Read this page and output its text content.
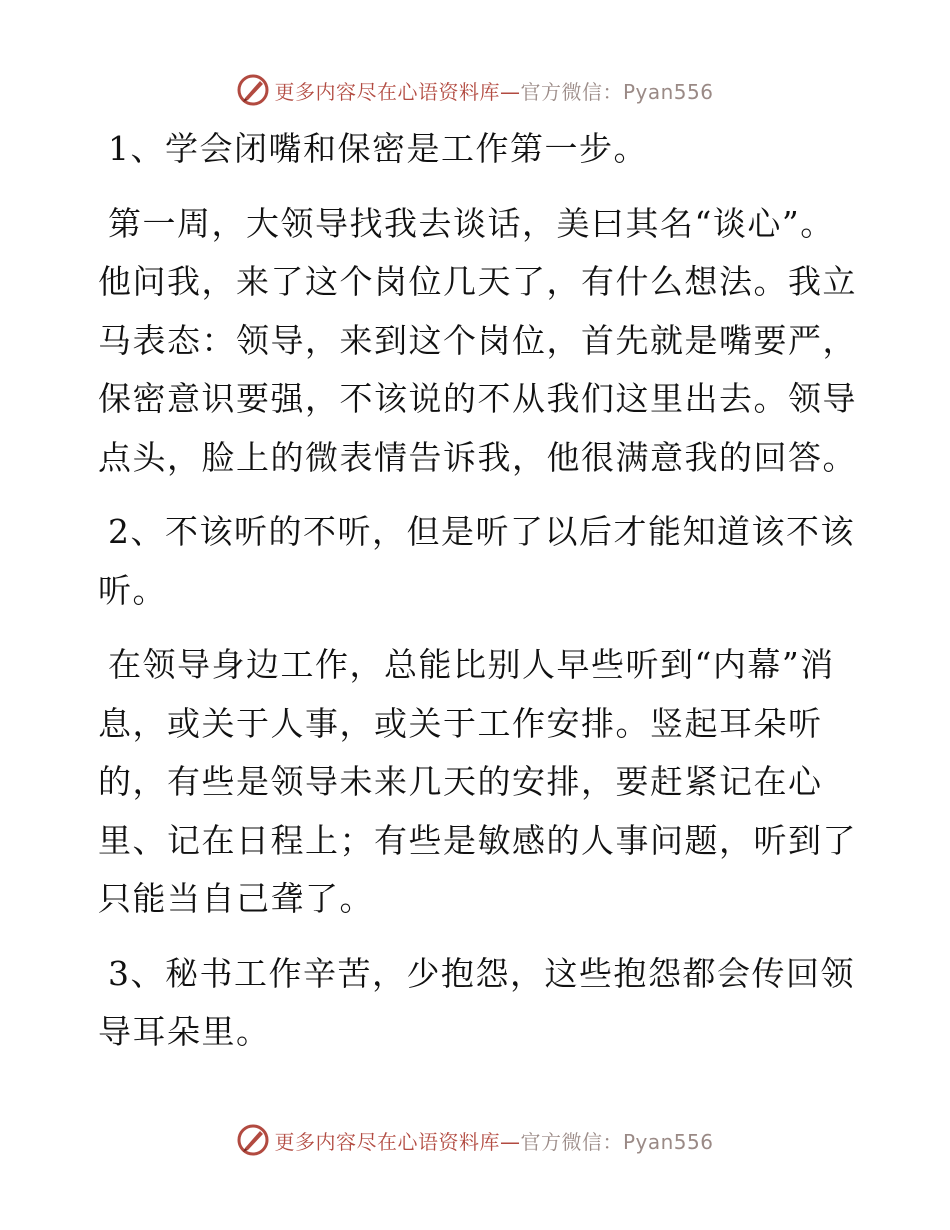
更多内容尽在心语资料库—官方微信：Pyan556

1、学会闭嘴和保密是工作第一步。

第一周，大领导找我去谈话，美曰其名“谈心”。他问我，来了这个岗位几天了，有什么想法。我立马表态：领导，来到这个岗位，首先就是嘴要严，保密意识要强，不该说的不从我们这里出去。领导点头，脸上的微表情告诉我，他很满意我的回答。

2、不该听的不听，但是听了以后才能知道该不该听。

在领导身边工作，总能比别人早些听到“内幕”消息，或关于人事，或关于工作安排。竖起耳朵听的，有些是领导未来几天的安排，要赶紧记在心里、记在日程上；有些是敏感的人事问题，听到了只能当自己聋了。

3、秘书工作辛苦，少抱怨，这些抱怨都会传回领导耳朵里。

更多内容尽在心语资料库—官方微信：Pyan556
